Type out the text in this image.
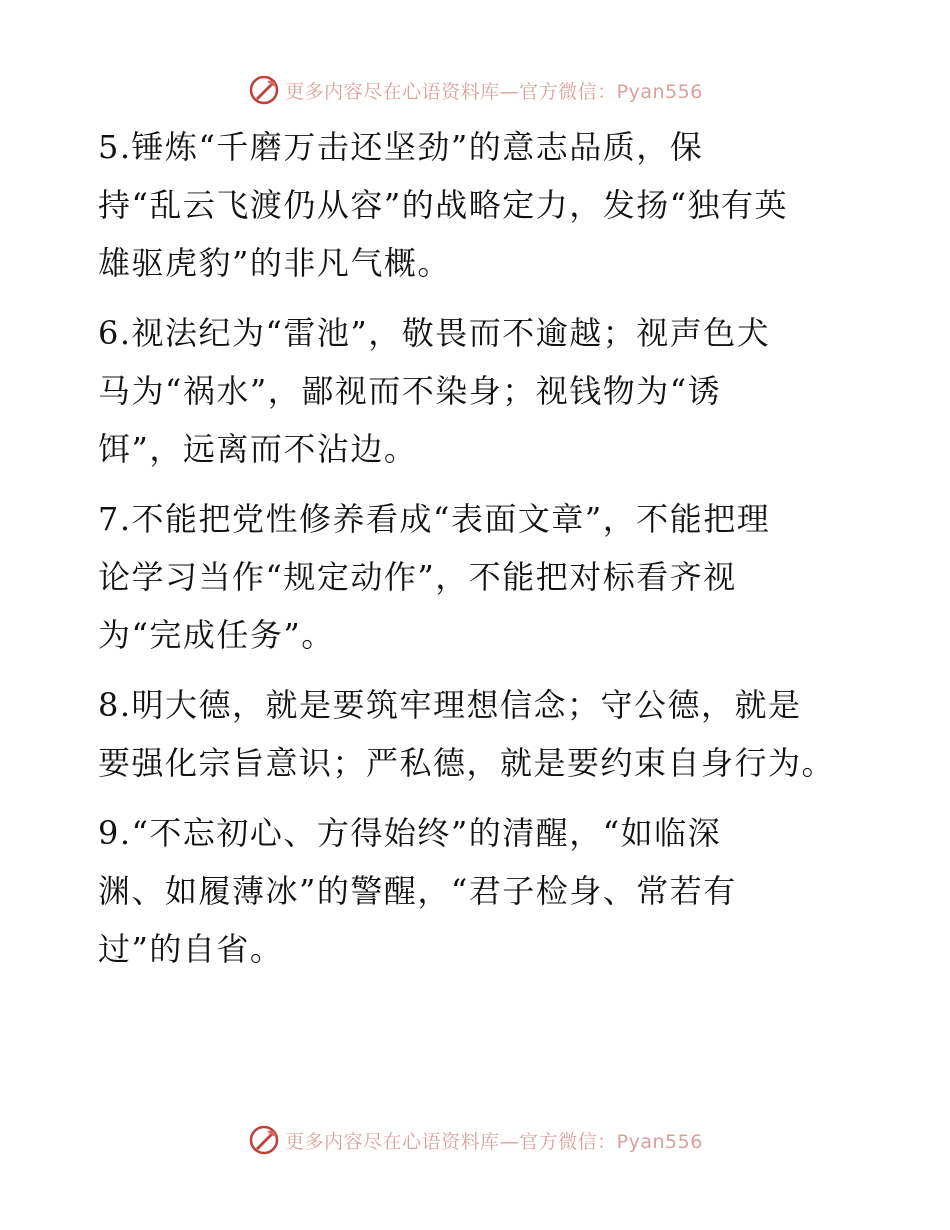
更多内容尽在心语资料库—官方微信：Pyan556

5.锤炼“千磨万击还坚劲”的意志品质，保
持“乱云飞渡仍从容”的战略定力，发扬“独有英
雄驱虎豹”的非凡气概。

6.视法纪为“雷池”，敬畏而不逾越；视声色犬
马为“祸水”，鄙视而不染身；视钱物为“诱
饵”，远离而不沾边。

7.不能把党性修养看成“表面文章”，不能把理
论学习当作“规定动作”，不能把对标看齐视
为“完成任务”。

8.明大德，就是要筑牢理想信念；守公德，就是
要强化宗旨意识；严私德，就是要约束自身行为。

9.“不忘初心、方得始终”的清醒，“如临深
渊、如履薄冰”的警醒，“君子检身、常若有
过”的自省。

更多内容尽在心语资料库—官方微信：Pyan556
